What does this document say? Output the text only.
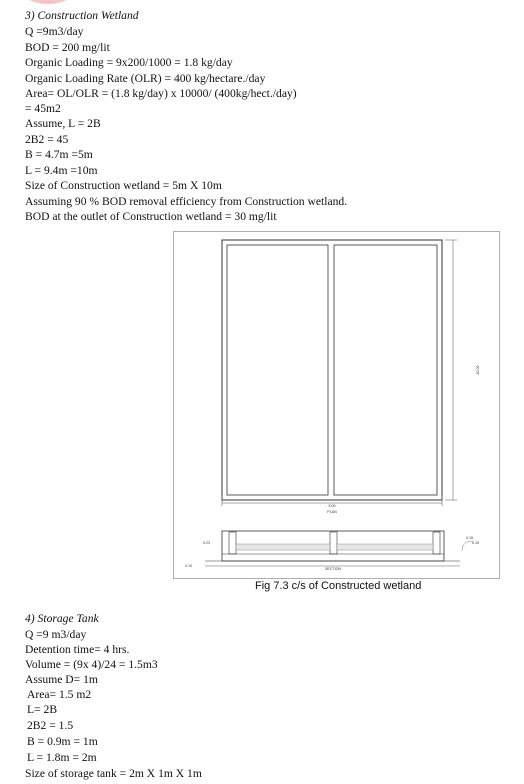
3) Construction Wetland
Q =9m3/day
BOD = 200 mg/lit
Organic Loading = 9x200/1000 = 1.8 kg/day
Organic Loading Rate (OLR) = 400 kg/hectare./day
Area= OL/OLR = (1.8 kg/day) x 10000/ (400kg/hect./day)
= 45m2
Assume, L = 2B
2B2 = 45
B = 4.7m =5m
L = 9.4m =10m
Size of Construction wetland = 5m X 10m
Assuming 90 % BOD removal efficiency from Construction wetland.
BOD at the outlet of Construction wetland = 30 mg/lit
5.00
PLAN
10.00
0.23
0.10
0.15
0.15
SECTION
Fig 7.3 c/s of Constructed wetland
4) Storage Tank
Q =9 m3/day
Detention time= 4 hrs.
Volume = (9x 4)/24 = 1.5m3
Assume D= 1m
Area= 1.5 m2
L= 2B
2B2 = 1.5
B = 0.9m = 1m
L = 1.8m = 2m
Size of storage tank = 2m X 1m X 1m
